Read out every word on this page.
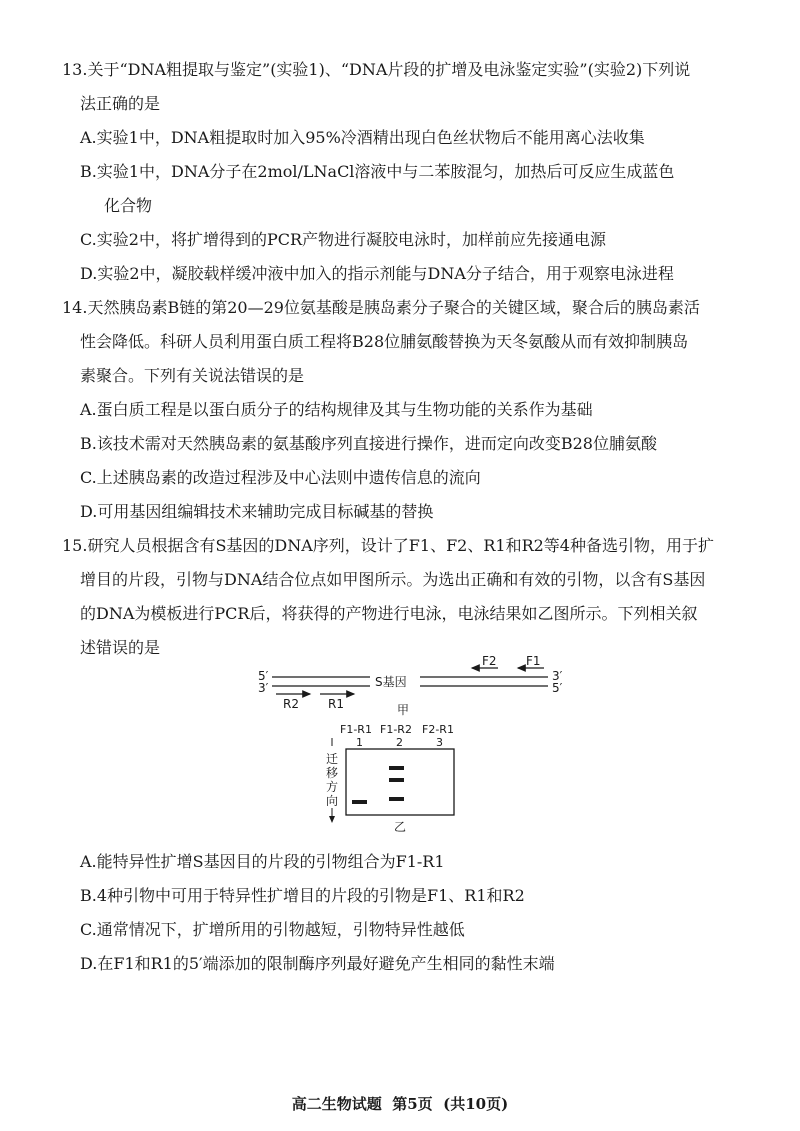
13.关于“DNA粗提取与鉴定”(实验1)、“DNA片段的扩增及电泳鉴定实验”(实验2)下列说
法正确的是
A.实验1中，DNA粗提取时加入95%冷酒精出现白色丝状物后不能用离心法收集
B.实验1中，DNA分子在2mol/LNaCl溶液中与二苯胺混匀，加热后可反应生成蓝色
化合物
C.实验2中，将扩增得到的PCR产物进行凝胶电泳时，加样前应先接通电源
D.实验2中，凝胶载样缓冲液中加入的指示剂能与DNA分子结合，用于观察电泳进程
14.天然胰岛素B链的第20—29位氨基酸是胰岛素分子聚合的关键区域，聚合后的胰岛素活
性会降低。科研人员利用蛋白质工程将B28位脯氨酸替换为天冬氨酸从而有效抑制胰岛
素聚合。下列有关说法错误的是
A.蛋白质工程是以蛋白质分子的结构规律及其与生物功能的关系作为基础
B.该技术需对天然胰岛素的氨基酸序列直接进行操作，进而定向改变B28位脯氨酸
C.上述胰岛素的改造过程涉及中心法则中遗传信息的流向
D.可用基因组编辑技术来辅助完成目标碱基的替换
15.研究人员根据含有S基因的DNA序列，设计了F1、F2、R1和R2等4种备选引物，用于扩
增目的片段，引物与DNA结合位点如甲图所示。为选出正确和有效的引物，以含有S基因
的DNA为模板进行PCR后，将获得的产物进行电泳，电泳结果如乙图所示。下列相关叙
述错误的是
5′
3′	S基因	3′
5′
F2 F1
R2 R1	甲
F1-R1 F1-R2 F2-R1
1	2	3
迁
移
方
向
乙
A.能特异性扩增S基因目的片段的引物组合为F1-R1
B.4种引物中可用于特异性扩增目的片段的引物是F1、R1和R2
C.通常情况下，扩增所用的引物越短，引物特异性越低
D.在F1和R1的5′端添加的限制酶序列最好避免产生相同的黏性末端
高二生物试题  第5页  (共10页)
